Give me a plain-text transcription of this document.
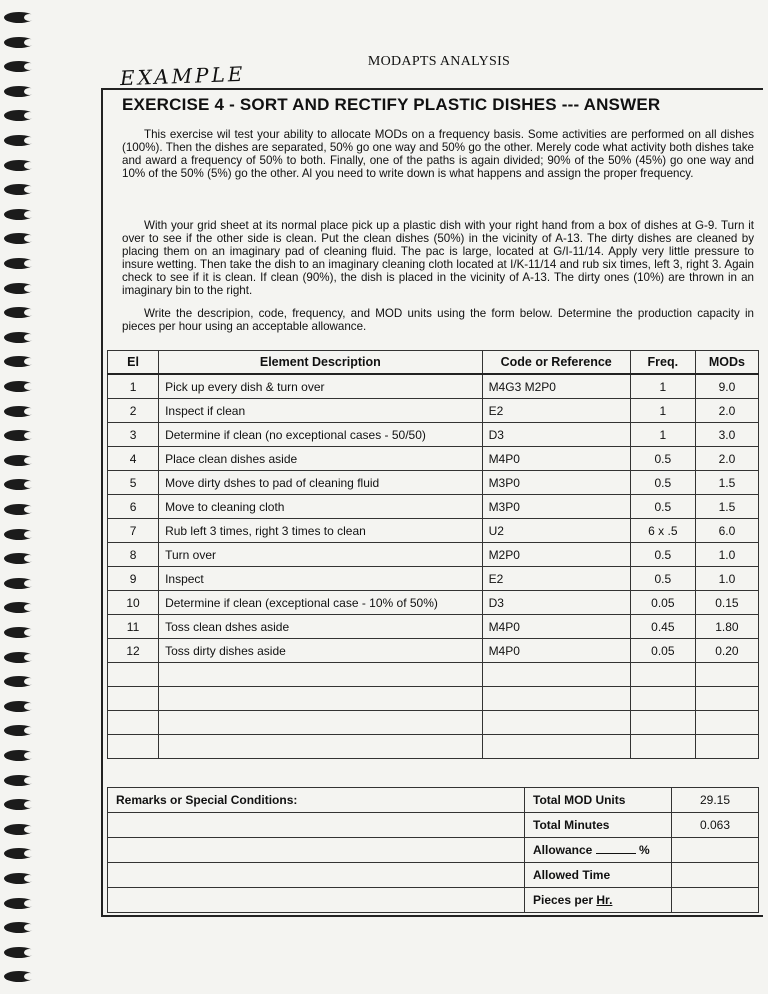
MODAPTS ANALYSIS
EXAMPLE
EXERCISE 4 - SORT AND RECTIFY PLASTIC DISHES --- ANSWER

This exercise wil test your ability to allocate MODs on a frequency basis. Some activities are performed on all dishes (100%). Then the dishes are separated, 50% go one way and 50% go the other. Merely code what activity both dishes take and award a frequency of 50% to both. Finally, one of the paths is again divided; 90% of the 50% (45%) go one way and 10% of the 50% (5%) go the other. Al you need to write down is what happens and assign the proper frequency.

With your grid sheet at its normal place pick up a plastic dish with your right hand from a box of dishes at G-9. Turn it over to see if the other side is clean. Put the clean dishes (50%) in the vicinity of A-13. The dirty dishes are cleaned by placing them on an imaginary pad of cleaning fluid. The pac is large, located at G/I-11/14. Apply very little pressure to insure wetting. Then take the dish to an imaginary cleaning cloth located at I/K-11/14 and rub six times, left 3, right 3. Again check to see if it is clean. If clean (90%), the dish is placed in the vicinity of A-13. The dirty ones (10%) are thrown in an imaginary bin to the right.

Write the descripion, code, frequency, and MOD units using the form below. Determine the production capacity in pieces per hour using an acceptable allowance.

El	Element Description	Code or Reference	Freq.	MODs
1	Pick up every dish & turn over	M4G3 M2P0	1	9.0
2	Inspect if clean	E2	1	2.0
3	Determine if clean (no exceptional cases - 50/50)	D3	1	3.0
4	Place clean dishes aside	M4P0	0.5	2.0
5	Move dirty dshes to pad of cleaning fluid	M3P0	0.5	1.5
6	Move to cleaning cloth	M3P0	0.5	1.5
7	Rub left 3 times, right 3 times to clean	U2	6 x .5	6.0
8	Turn over	M2P0	0.5	1.0
9	Inspect	E2	0.5	1.0
10	Determine if clean (exceptional case - 10% of 50%)	D3	0.05	0.15
11	Toss clean dshes aside	M4P0	0.45	1.80
12	Toss dirty dishes aside	M4P0	0.05	0.20

Remarks or Special Conditions:	Total MOD Units	29.15
	Total Minutes	0.063
	Allowance %	
	Allowed Time	
	Pieces per Hr.	
